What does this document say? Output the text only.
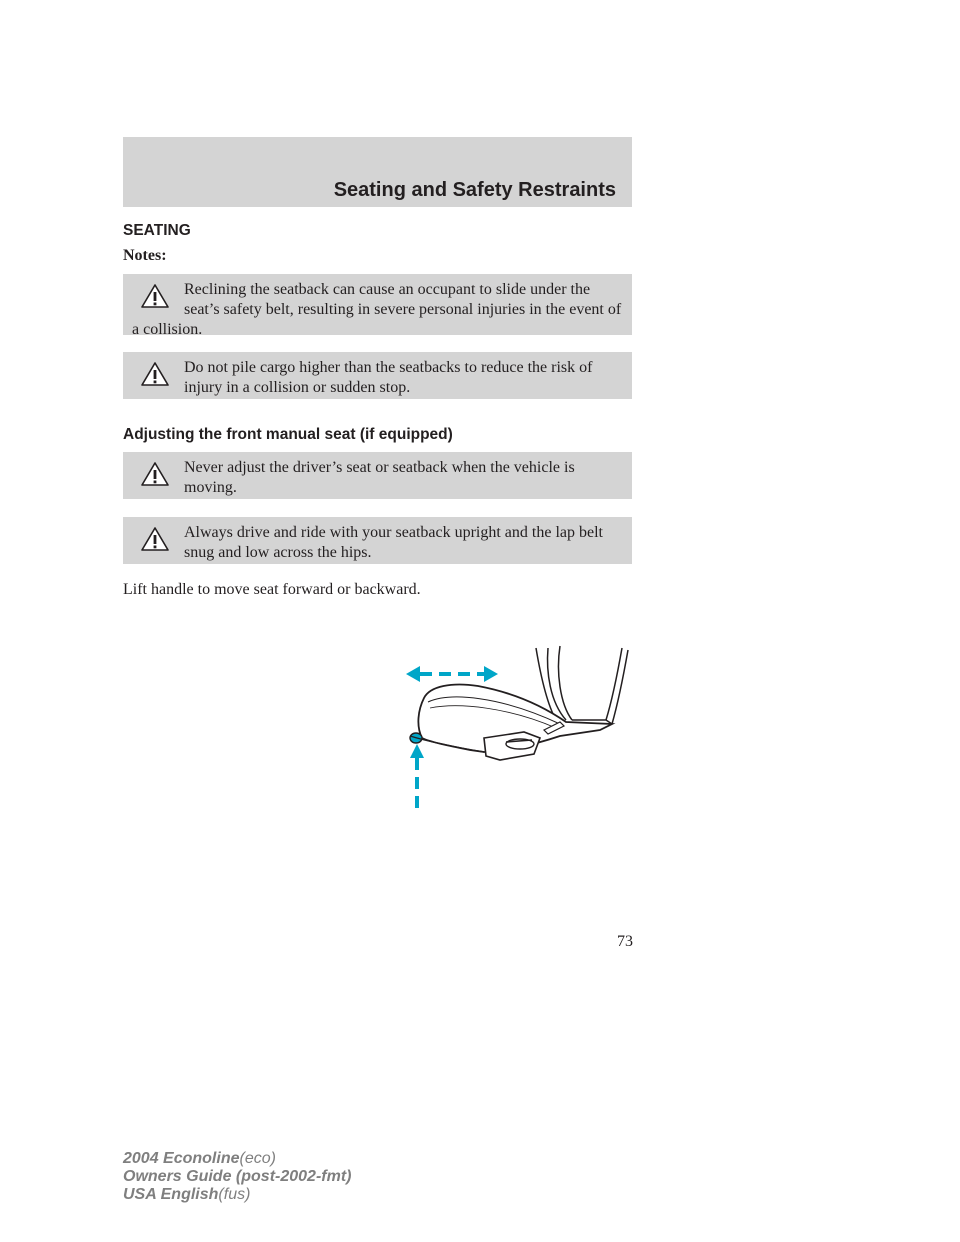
Seating and Safety Restraints
SEATING
Notes:
Reclining the seatback can cause an occupant to slide under the seat’s safety belt, resulting in severe personal injuries in the event of a collision.
Do not pile cargo higher than the seatbacks to reduce the risk of injury in a collision or sudden stop.
Adjusting the front manual seat (if equipped)
Never adjust the driver’s seat or seatback when the vehicle is moving.
Always drive and ride with your seatback upright and the lap belt snug and low across the hips.
Lift handle to move seat forward or backward.
73
2004 Econoline(eco)
Owners Guide (post-2002-fmt)
USA English(fus)
